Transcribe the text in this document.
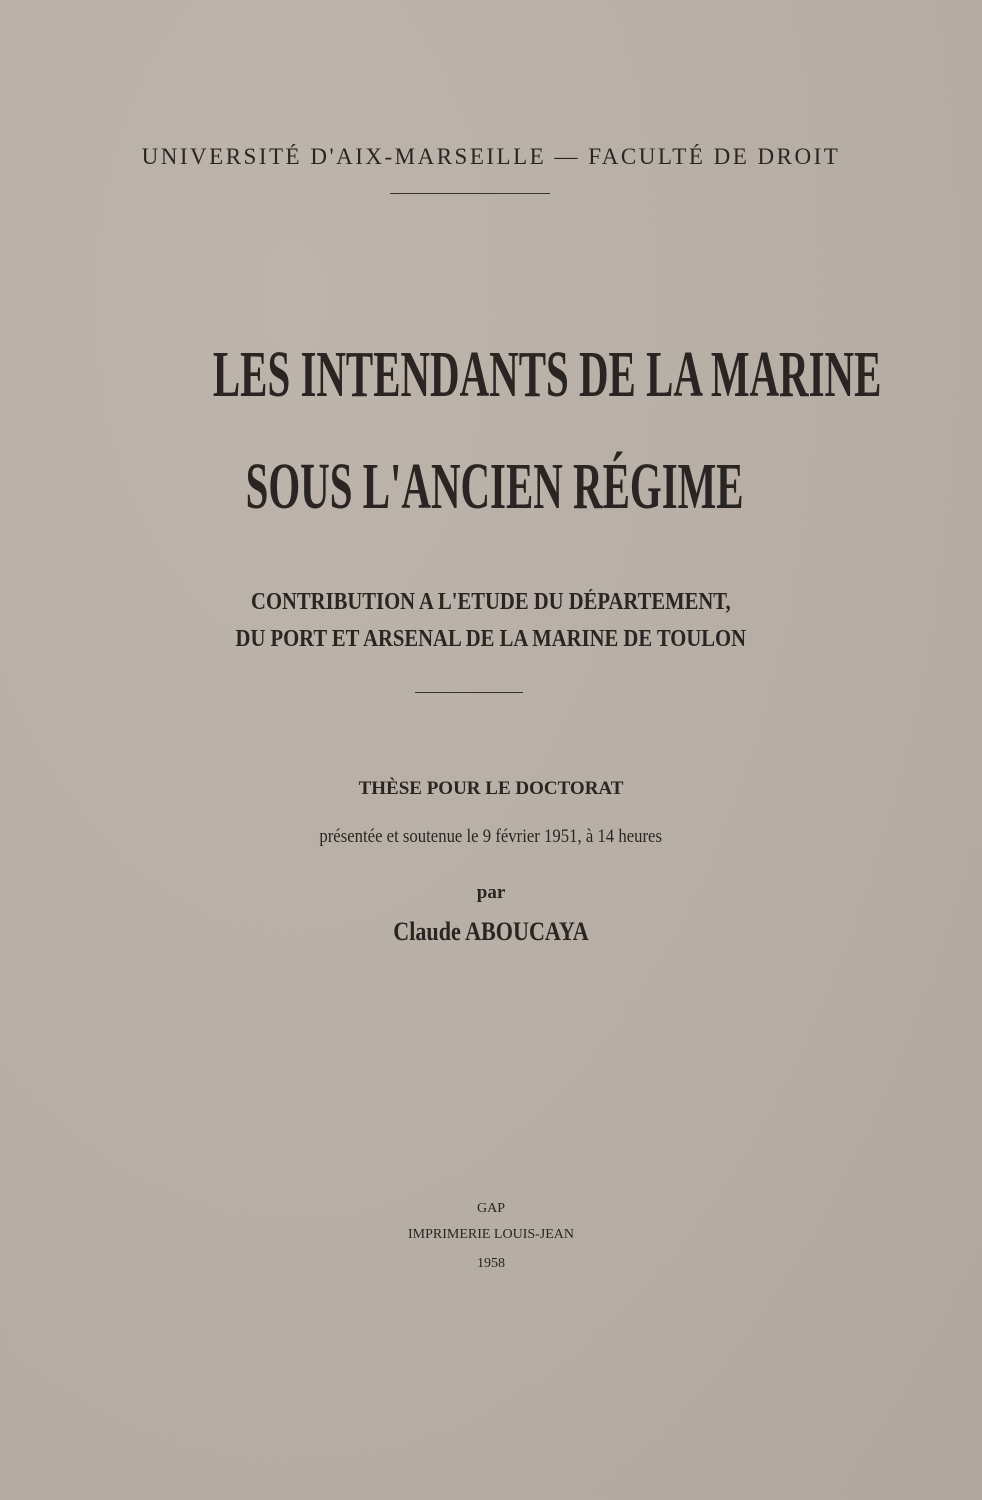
UNIVERSITÉ D'AIX-MARSEILLE — FACULTÉ DE DROIT
LES INTENDANTS DE LA MARINE
SOUS L'ANCIEN RÉGIME
CONTRIBUTION A L'ETUDE DU DÉPARTEMENT,
DU PORT ET ARSENAL DE LA MARINE DE TOULON
THÈSE POUR LE DOCTORAT
présentée et soutenue le 9 février 1951, à 14 heures
par
Claude ABOUCAYA
GAP
IMPRIMERIE LOUIS-JEAN
1958
